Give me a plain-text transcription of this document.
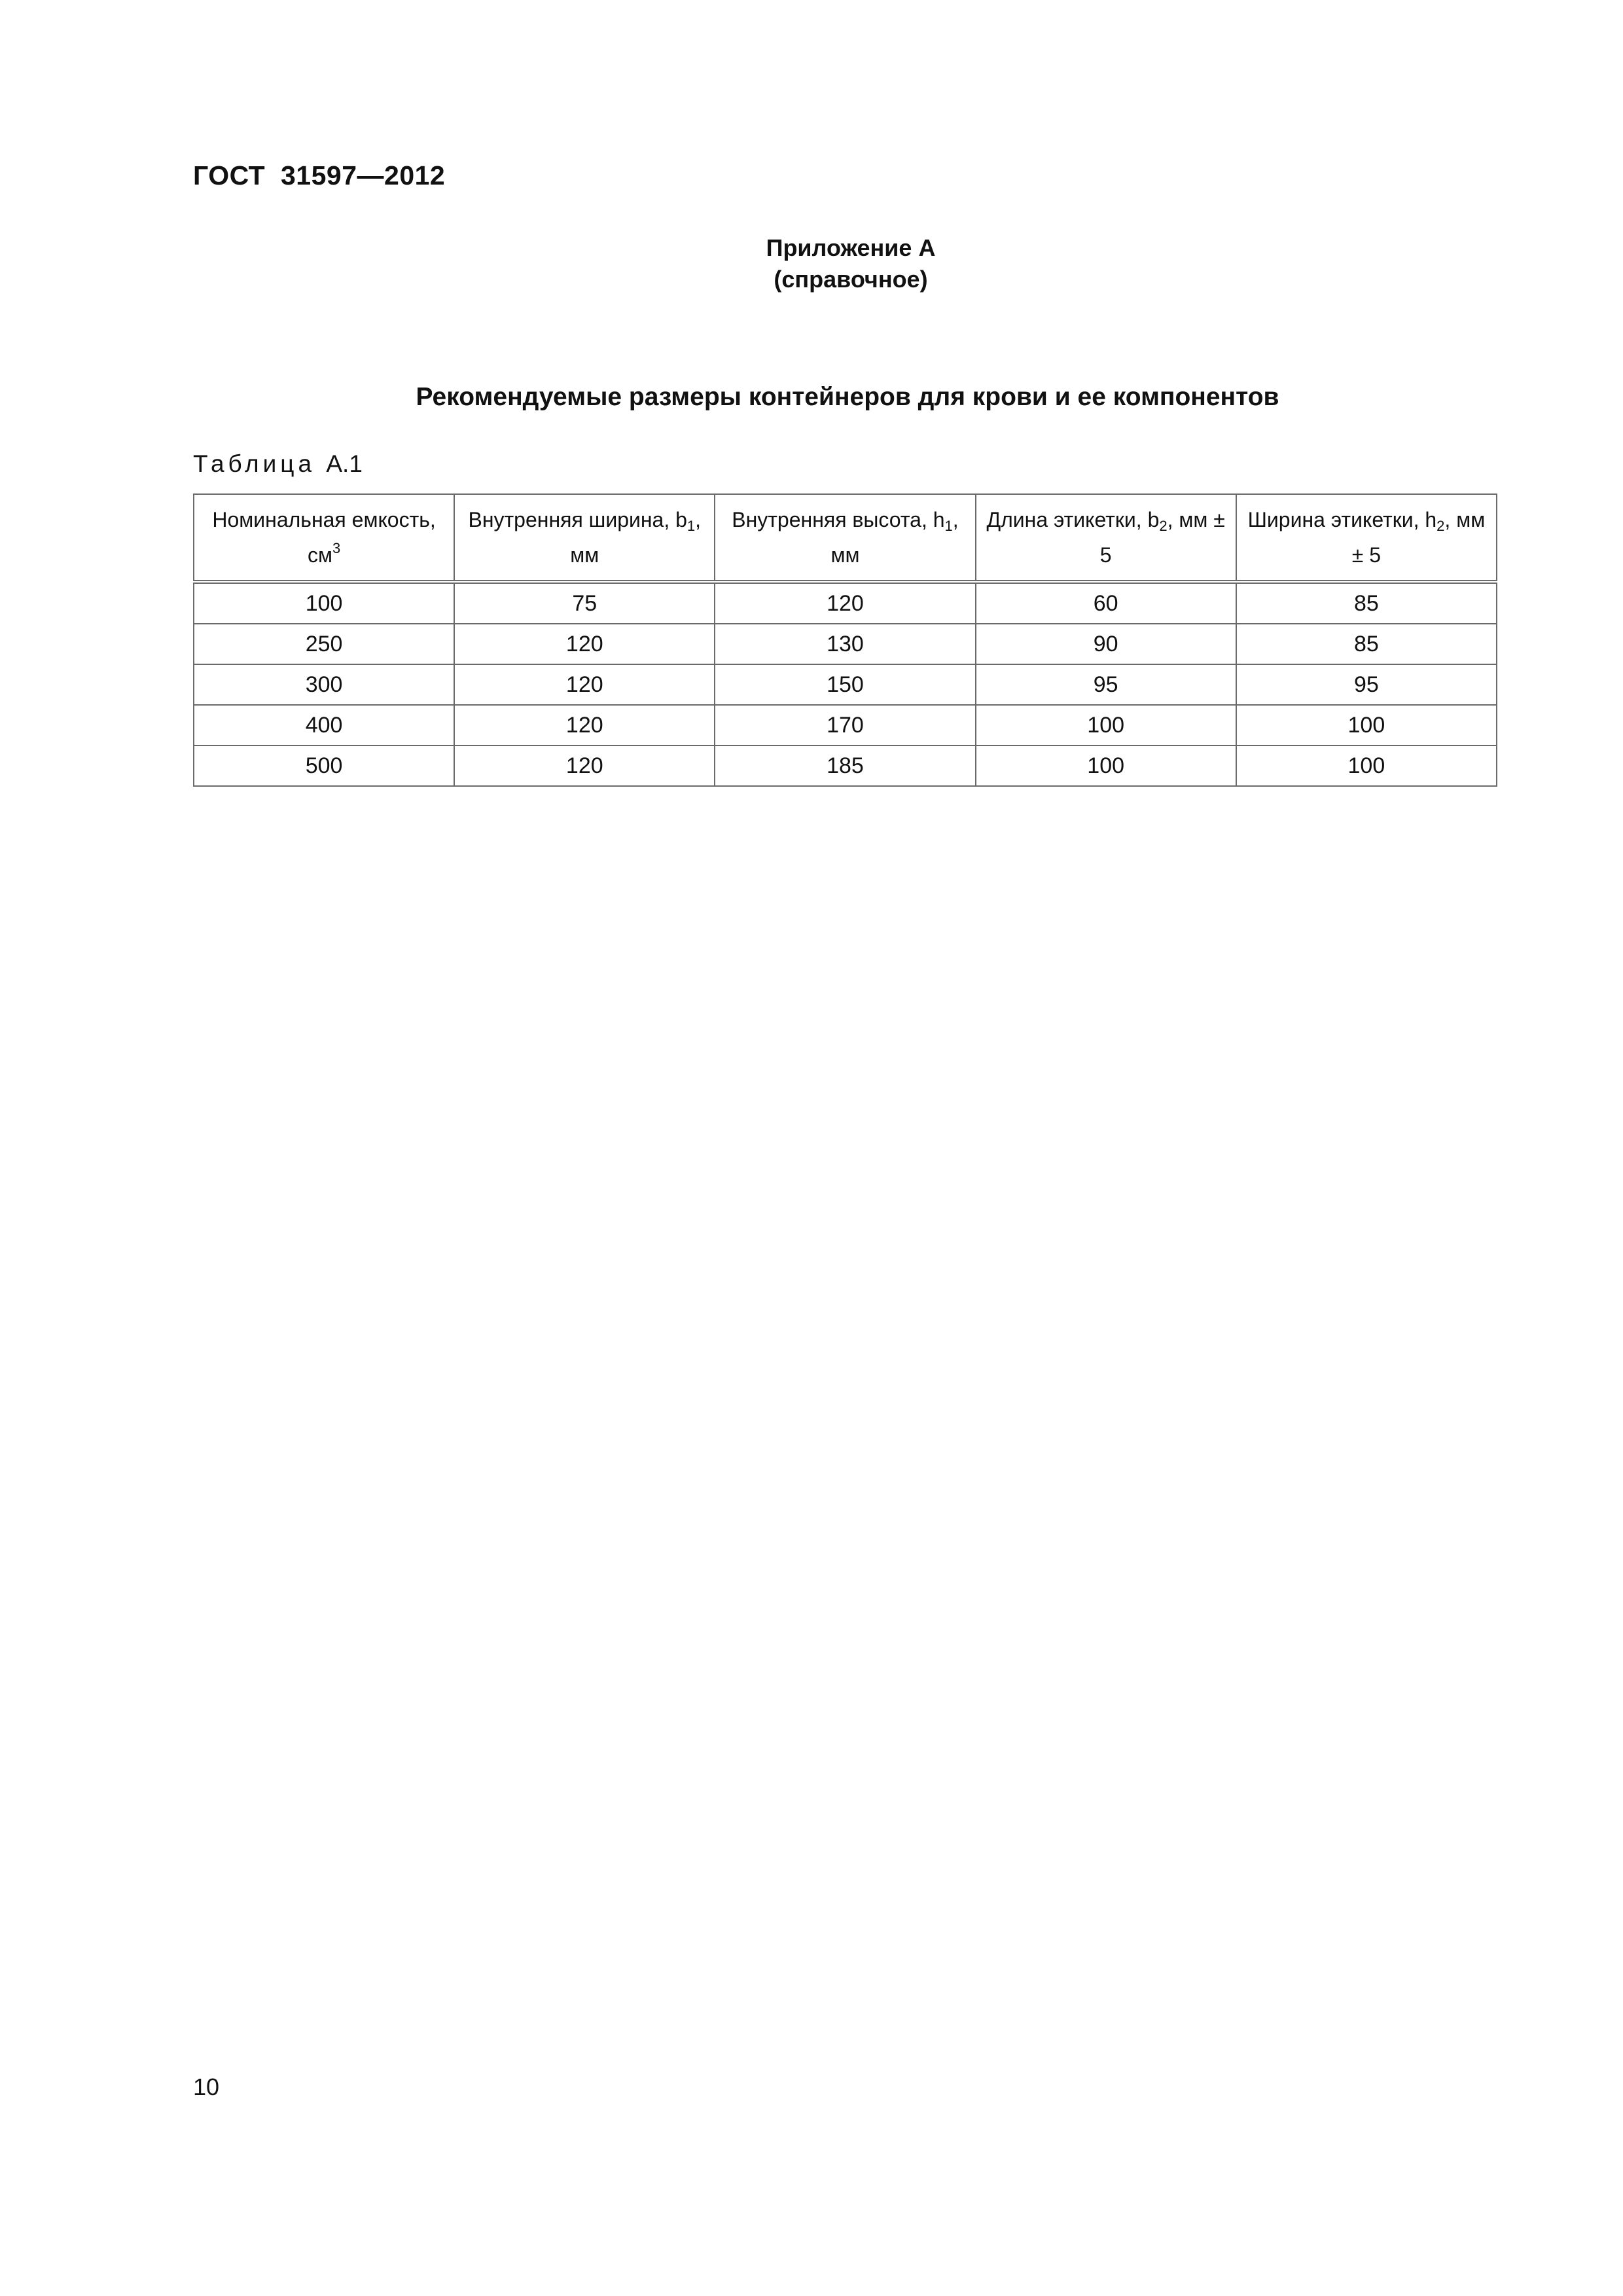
ГОСТ  31597—2012
Приложение А
(справочное)
Рекомендуемые размеры контейнеров для крови и ее компонентов
Таблица А.1
Номинальная емкость, $см^3$	Внутренняя ширина, $b_1$, мм	Внутренняя высота, $h_1$, мм	Длина этикетки, $b_2$, мм ± 5	Ширина этикетки, $h_2$, мм ± 5
100	75	120	60	85
250	120	130	90	85
300	120	150	95	95
400	120	170	100	100
500	120	185	100	100
10
